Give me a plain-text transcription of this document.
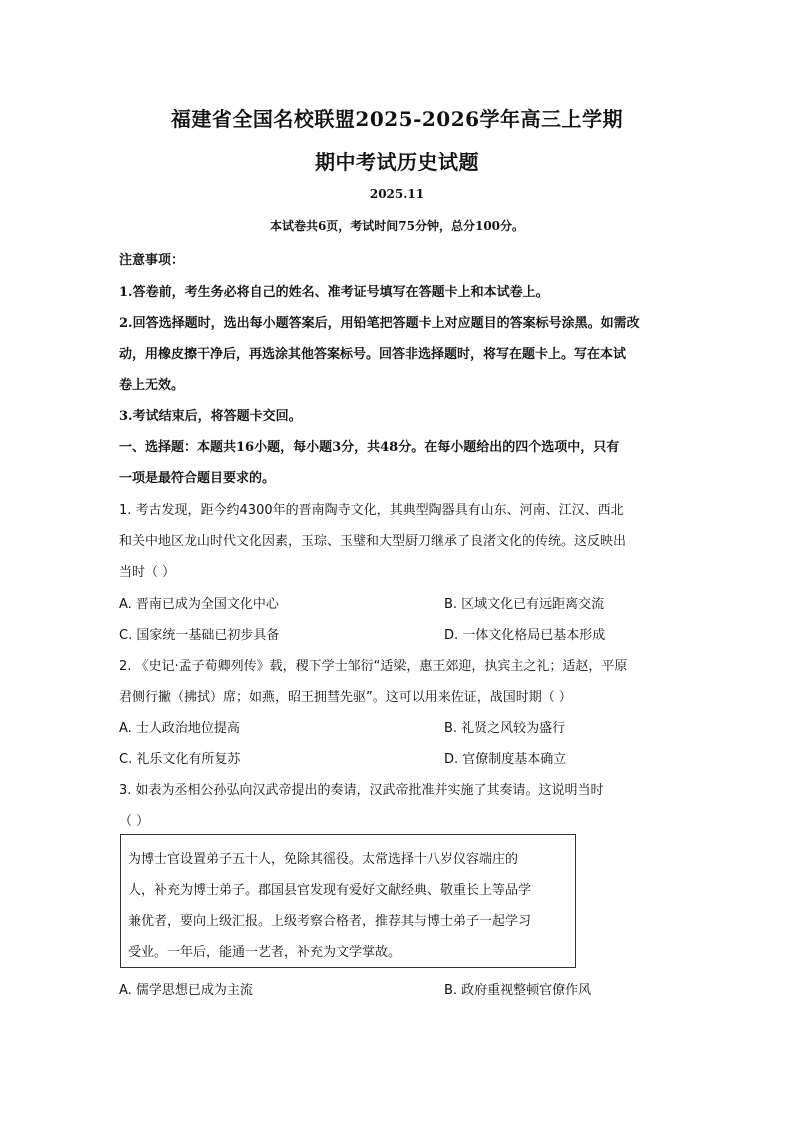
福建省全国名校联盟2025-2026学年高三上学期
期中考试历史试题
2025.11
本试卷共6页，考试时间75分钟，总分100分。
注意事项：
1.答卷前，考生务必将自己的姓名、准考证号填写在答题卡上和本试卷上。
2.回答选择题时，选出每小题答案后，用铅笔把答题卡上对应题目的答案标号涂黑。如需改
动，用橡皮擦干净后，再选涂其他答案标号。回答非选择题时，将写在题卡上。写在本试
卷上无效。
3.考试结束后，将答题卡交回。
一、选择题：本题共16小题，每小题3分，共48分。在每小题给出的四个选项中，只有
一项是最符合题目要求的。
1. 考古发现，距今约4300年的晋南陶寺文化，其典型陶器具有山东、河南、江汉、西北
和关中地区龙山时代文化因素，玉琮、玉璧和大型厨刀继承了良渚文化的传统。这反映出
当时（ ）
A. 晋南已成为全国文化中心	B. 区域文化已有远距离交流
C. 国家统一基础已初步具备	D. 一体文化格局已基本形成
2. 《史记·孟子荀卿列传》载，稷下学士邹衍“适梁，惠王郊迎，执宾主之礼；适赵，平原
君侧行撇（拂拭）席；如燕，昭王拥彗先驱”。这可以用来佐证，战国时期（ ）
A. 士人政治地位提高	B. 礼贤之风较为盛行
C. 礼乐文化有所复苏	D. 官僚制度基本确立
3. 如表为丞相公孙弘向汉武帝提出的奏请，汉武帝批准并实施了其奏请。这说明当时
（ ）
为博士官设置弟子五十人，免除其徭役。太常选择十八岁仪容端庄的
人，补充为博士弟子。郡国县官发现有爱好文献经典、敬重长上等品学
兼优者，要向上级汇报。上级考察合格者，推荐其与博士弟子一起学习
受业。一年后，能通一艺者，补充为文学掌故。
A. 儒学思想已成为主流	B. 政府重视整顿官僚作风
